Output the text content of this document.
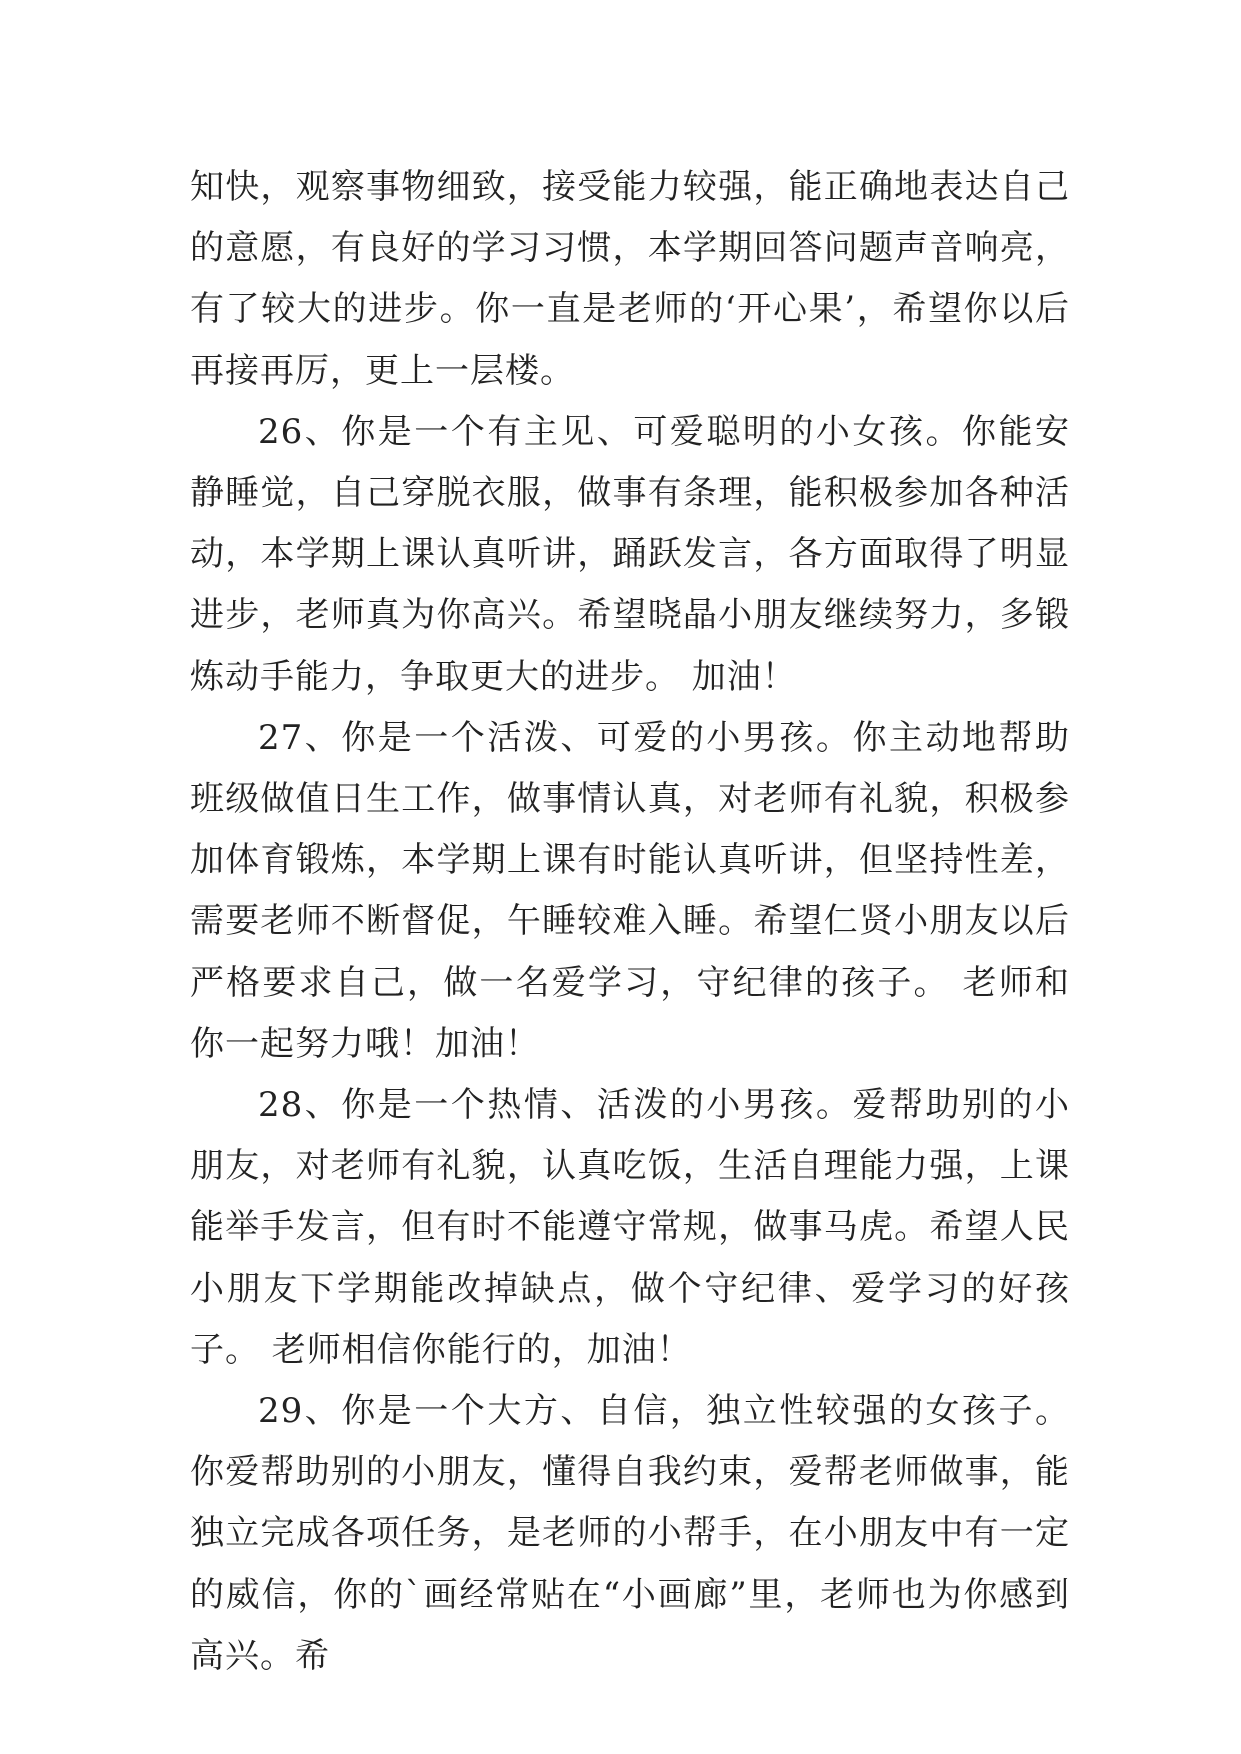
知快，观察事物细致，接受能力较强，能正确地表达自己的意愿，有良好的学习习惯，本学期回答问题声音响亮，有了较大的进步。你一直是老师的‘开心果’，希望你以后再接再厉，更上一层楼。

26、你是一个有主见、可爱聪明的小女孩。你能安静睡觉，自己穿脱衣服，做事有条理，能积极参加各种活动，本学期上课认真听讲，踊跃发言，各方面取得了明显进步，老师真为你高兴。希望晓晶小朋友继续努力，多锻炼动手能力，争取更大的进步。 加油！

27、你是一个活泼、可爱的小男孩。你主动地帮助班级做值日生工作，做事情认真，对老师有礼貌，积极参加体育锻炼，本学期上课有时能认真听讲，但坚持性差，需要老师不断督促，午睡较难入睡。希望仁贤小朋友以后严格要求自己，做一名爱学习，守纪律的孩子。 老师和你一起努力哦！加油！

28、你是一个热情、活泼的小男孩。爱帮助别的小朋友，对老师有礼貌，认真吃饭，生活自理能力强，上课能举手发言，但有时不能遵守常规，做事马虎。希望人民小朋友下学期能改掉缺点，做个守纪律、爱学习的好孩子。 老师相信你能行的，加油！

29、你是一个大方、自信，独立性较强的女孩子。你爱帮助别的小朋友，懂得自我约束，爱帮老师做事，能独立完成各项任务，是老师的小帮手，在小朋友中有一定的威信，你的`画经常贴在“小画廊”里，老师也为你感到高兴。希
